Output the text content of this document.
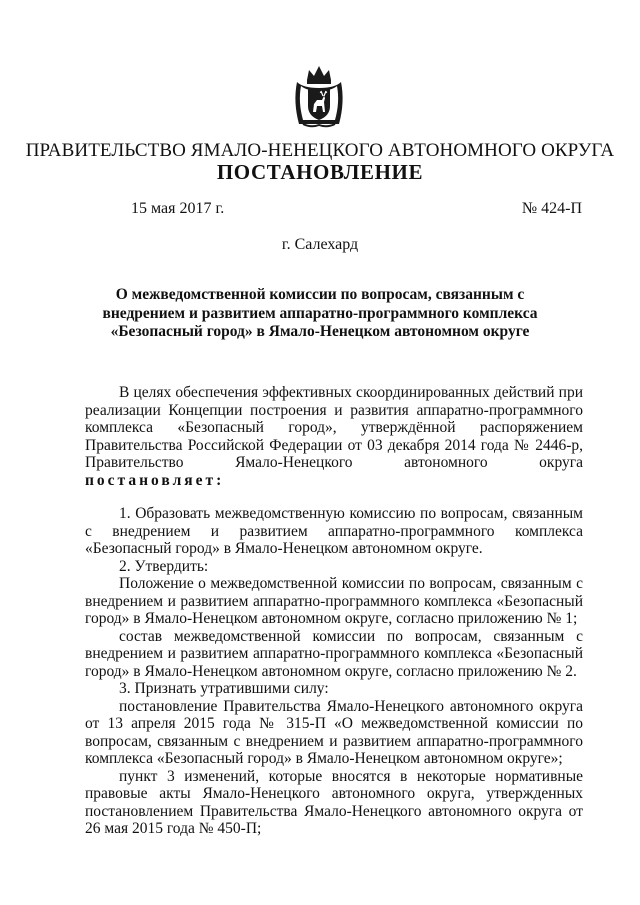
ПРАВИТЕЛЬСТВО ЯМАЛО-НЕНЕЦКОГО АВТОНОМНОГО ОКРУГА
ПОСТАНОВЛЕНИЕ
15 мая 2017 г.	№ 424-П
г. Салехард
О межведомственной комиссии по вопросам, связанным с внедрением и развитием аппаратно-программного комплекса «Безопасный город» в Ямало-Ненецком автономном округе

В целях обеспечения эффективных скоординированных действий при реализации Концепции построения и развития аппаратно-программного комплекса «Безопасный город», утверждённой распоряжением Правительства Российской Федерации от 03 декабря 2014 года № 2446-р, Правительство Ямало-Ненецкого автономного округа постановляет:

1. Образовать межведомственную комиссию по вопросам, связанным с внедрением и развитием аппаратно-программного комплекса «Безопасный город» в Ямало-Ненецком автономном округе.

2. Утвердить:

Положение о межведомственной комиссии по вопросам, связанным с внедрением и развитием аппаратно-программного комплекса «Безопасный город» в Ямало-Ненецком автономном округе, согласно приложению № 1;

состав межведомственной комиссии по вопросам, связанным с внедрением и развитием аппаратно-программного комплекса «Безопасный город» в Ямало-Ненецком автономном округе, согласно приложению № 2.

3. Признать утратившими силу:

постановление Правительства Ямало-Ненецкого автономного округа от 13 апреля 2015 года № 315-П «О межведомственной комиссии по вопросам, связанным с внедрением и развитием аппаратно-программного комплекса «Безопасный город» в Ямало-Ненецком автономном округе»;

пункт 3 изменений, которые вносятся в некоторые нормативные правовые акты Ямало-Ненецкого автономного округа, утвержденных постановлением Правительства Ямало-Ненецкого автономного округа от 26 мая 2015 года № 450-П;
